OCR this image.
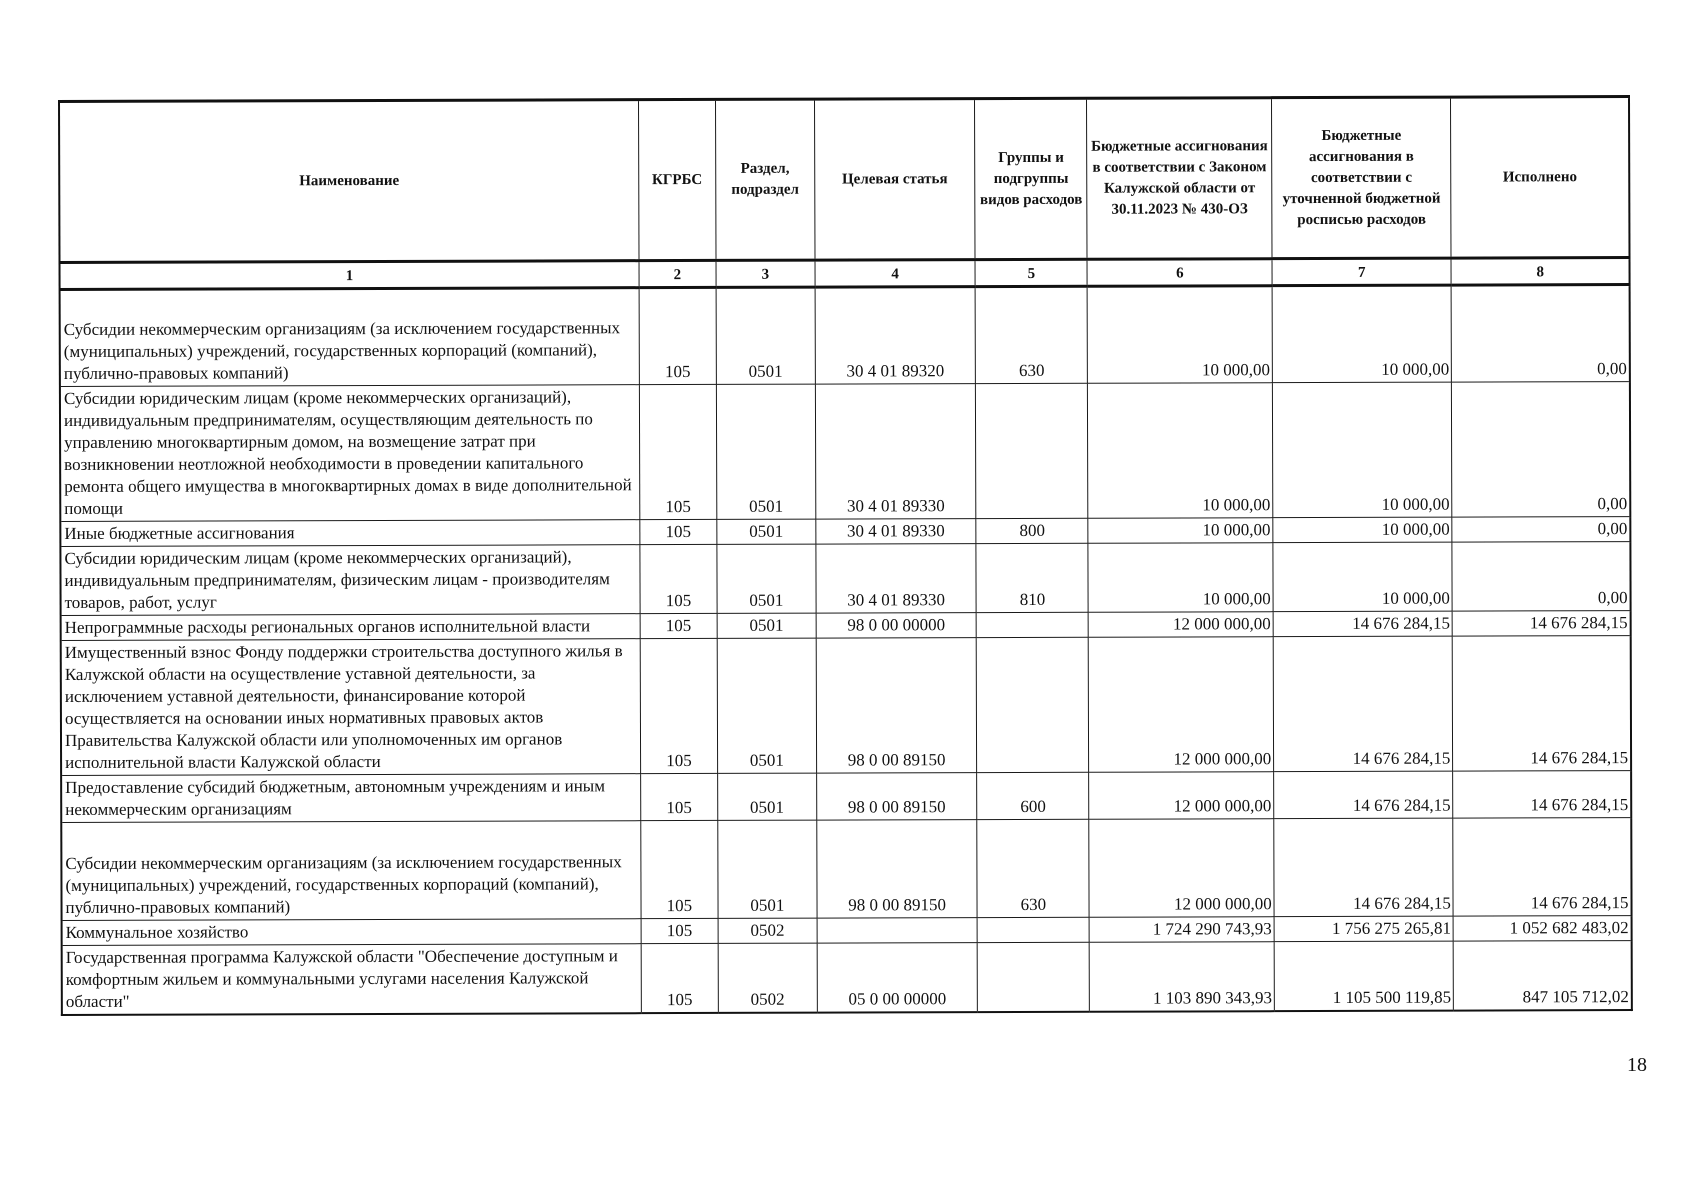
Наименование	КГРБС	Раздел, подраздел	Целевая статья	Группы и подгруппы видов расходов	Бюджетные ассигнования в соответствии с Законом Калужской области от 30.11.2023 № 430-ОЗ	Бюджетные ассигнования в соответствии с уточненной бюджетной росписью расходов	Исполнено
1	2	3	4	5	6	7	8
Субсидии некоммерческим организациям (за исключением государственных (муниципальных) учреждений, государственных корпораций (компаний), публично-правовых компаний)	105	0501	30 4 01 89320	630	10 000,00	10 000,00	0,00
Субсидии юридическим лицам (кроме некоммерческих организаций), индивидуальным предпринимателям, осуществляющим деятельность по управлению многоквартирным домом, на возмещение затрат при возникновении неотложной необходимости в проведении капитального ремонта общего имущества в многоквартирных домах в виде дополнительной помощи	105	0501	30 4 01 89330		10 000,00	10 000,00	0,00
Иные бюджетные ассигнования	105	0501	30 4 01 89330	800	10 000,00	10 000,00	0,00
Субсидии юридическим лицам (кроме некоммерческих организаций), индивидуальным предпринимателям, физическим лицам - производителям товаров, работ, услуг	105	0501	30 4 01 89330	810	10 000,00	10 000,00	0,00
Непрограммные расходы региональных органов исполнительной власти	105	0501	98 0 00 00000		12 000 000,00	14 676 284,15	14 676 284,15
Имущественный взнос Фонду поддержки строительства доступного жилья в Калужской области на осуществление уставной деятельности, за исключением уставной деятельности, финансирование которой осуществляется на основании иных нормативных правовых актов Правительства Калужской области или уполномоченных им органов исполнительной власти Калужской области	105	0501	98 0 00 89150		12 000 000,00	14 676 284,15	14 676 284,15
Предоставление субсидий бюджетным, автономным учреждениям и иным некоммерческим организациям	105	0501	98 0 00 89150	600	12 000 000,00	14 676 284,15	14 676 284,15
Субсидии некоммерческим организациям (за исключением государственных (муниципальных) учреждений, государственных корпораций (компаний), публично-правовых компаний)	105	0501	98 0 00 89150	630	12 000 000,00	14 676 284,15	14 676 284,15
Коммунальное хозяйство	105	0502			1 724 290 743,93	1 756 275 265,81	1 052 682 483,02
Государственная программа Калужской области "Обеспечение доступным и комфортным жильем и коммунальными услугами населения Калужской области"	105	0502	05 0 00 00000		1 103 890 343,93	1 105 500 119,85	847 105 712,02
18
